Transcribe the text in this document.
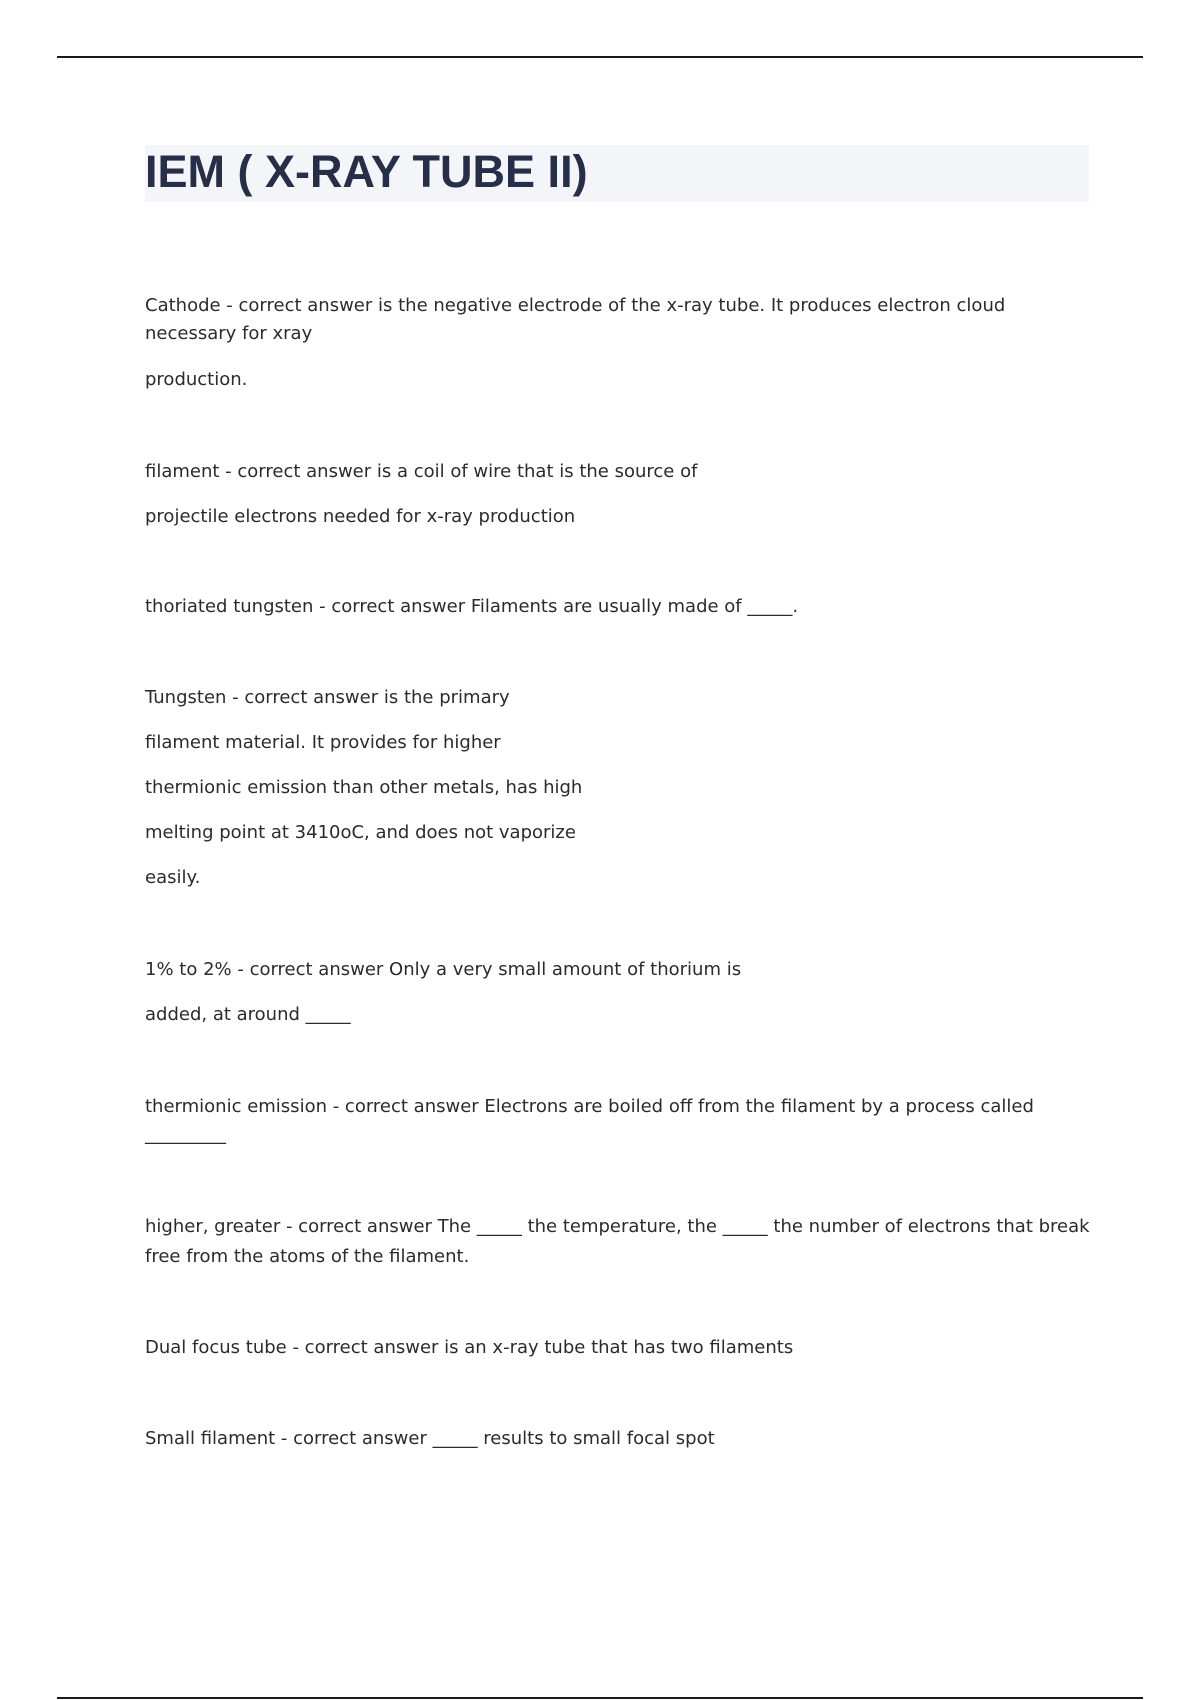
IEM ( X-RAY TUBE II)

Cathode - correct answer is the negative electrode of the x-ray tube. It produces electron cloud

necessary for xray

production.

filament - correct answer is a coil of wire that is the source of

projectile electrons needed for x-ray production

thoriated tungsten - correct answer Filaments are usually made of _____.

Tungsten - correct answer is the primary

filament material. It provides for higher

thermionic emission than other metals, has high

melting point at 3410oC, and does not vaporize

easily.

1% to 2% - correct answer Only a very small amount of thorium is

added, at around _____

thermionic emission - correct answer Electrons are boiled off from the filament by a process called

_________

higher, greater - correct answer The _____ the temperature, the _____ the number of electrons that break

free from the atoms of the filament.

Dual focus tube - correct answer is an x-ray tube that has two filaments

Small filament - correct answer _____ results to small focal spot
